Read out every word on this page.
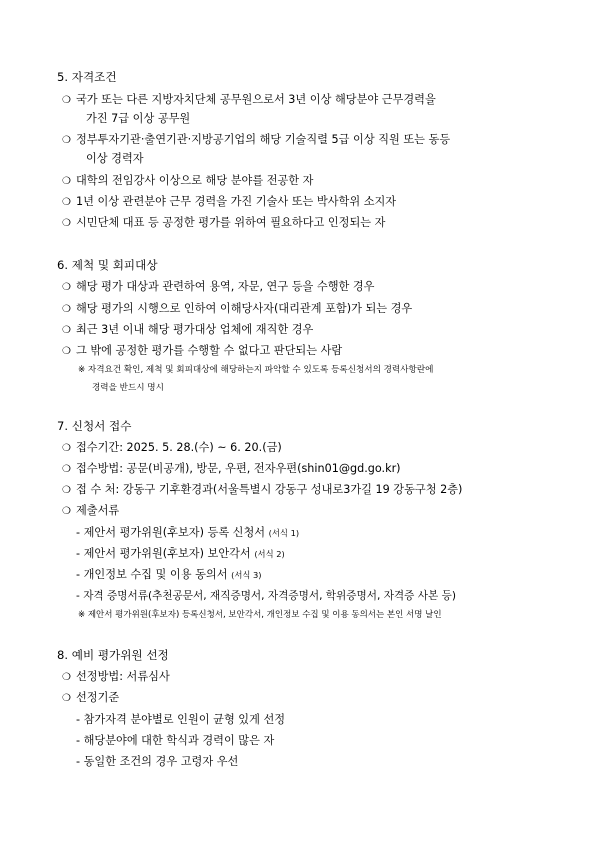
5. 자격조건
❍ 국가 또는 다른 지방자치단체 공무원으로서 3년 이상 해당분야 근무경력을
가진 7급 이상 공무원
❍ 정부투자기관·출연기관·지방공기업의 해당 기술직렬 5급 이상 직원 또는 동등
이상 경력자
❍ 대학의 전임강사 이상으로 해당 분야를 전공한 자
❍ 1년 이상 관련분야 근무 경력을 가진 기술사 또는 박사학위 소지자
❍ 시민단체 대표 등 공정한 평가를 위하여 필요하다고 인정되는 자
6. 제척 및 회피대상
❍ 해당 평가 대상과 관련하여 용역, 자문, 연구 등을 수행한 경우
❍ 해당 평가의 시행으로 인하여 이해당사자(대리관계 포함)가 되는 경우
❍ 최근 3년 이내 해당 평가대상 업체에 재직한 경우
❍ 그 밖에 공정한 평가를 수행할 수 없다고 판단되는 사람
※ 자격요건 확인, 제척 및 회피대상에 해당하는지 파악할 수 있도록 등록신청서의 경력사항란에
경력을 반드시 명시
7. 신청서 접수
❍ 접수기간: 2025. 5. 28.(수) ~ 6. 20.(금)
❍ 접수방법: 공문(비공개), 방문, 우편, 전자우편(shin01@gd.go.kr)
❍ 접 수 처: 강동구 기후환경과(서울특별시 강동구 성내로3가길 19 강동구청 2층)
❍ 제출서류
- 제안서 평가위원(후보자) 등록 신청서 (서식 1)
- 제안서 평가위원(후보자) 보안각서 (서식 2)
- 개인정보 수집 및 이용 동의서 (서식 3)
- 자격 증명서류(추천공문서, 재직증명서, 자격증명서, 학위증명서, 자격증 사본 등)
※ 제안서 평가위원(후보자) 등록신청서, 보안각서, 개인정보 수집 및 이용 동의서는 본인 서명 날인
8. 예비 평가위원 선정
❍ 선정방법: 서류심사
❍ 선정기준
- 참가자격 분야별로 인원이 균형 있게 선정
- 해당분야에 대한 학식과 경력이 많은 자
- 동일한 조건의 경우 고령자 우선
